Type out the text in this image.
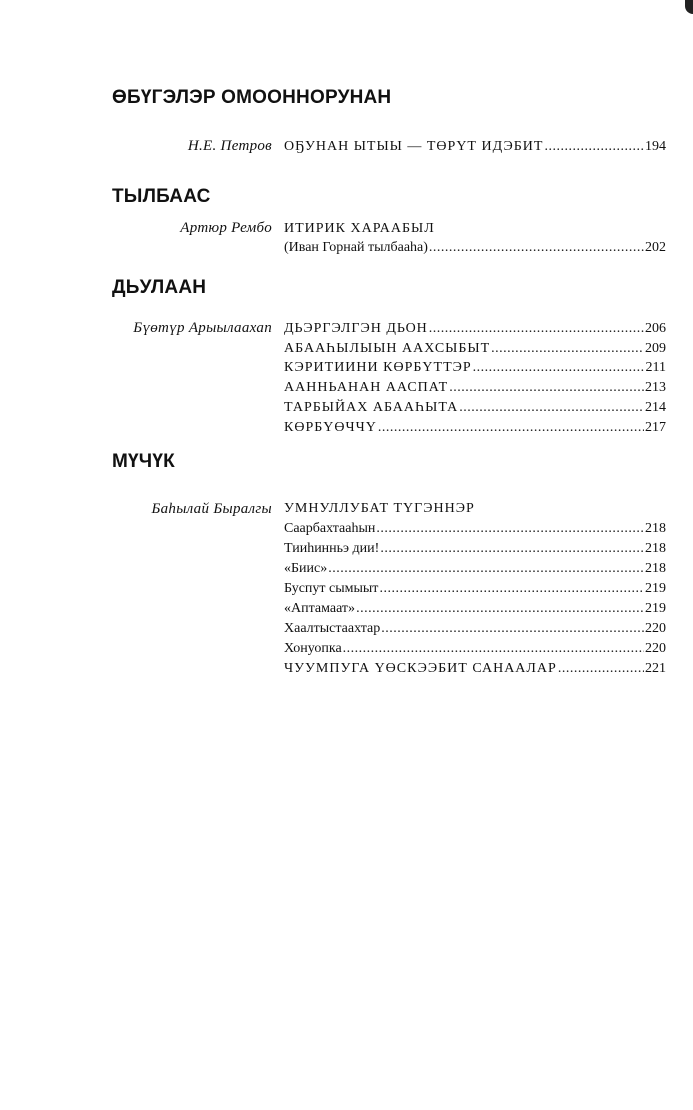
ӨБҮГЭЛЭР ОМООННОРУНАН
Н.Е. Петров ОҔУНАН ЫТЫЫ — ТӨРҮТ ИДЭБИТ .....	194
ТЫЛБААС
Артюр Рембо ИТИРИК ХАРААБЫЛ
(Иван Горнай тылбааһа) .....	202
ДЬУЛААН
Бүөтүр Арыылаахап ДЬЭРГЭЛГЭН ДЬОН .....	206
АБААҺЫЛЫЫН ААХСЫБЫТ .....	209
КЭРИТИИНИ КӨРБҮТТЭР .....	211
ААННЬАНАН ААСПАТ .....	213
ТАРБЫЙАХ АБААҺЫТА .....	214
КӨРБҮӨЧЧҮ .....	217
МҮЧҮК
Баһылай Быралгы УМНУЛЛУБАТ ТҮГЭННЭР
Саарбахтааһын .....	218
Тииһинньэ дии! .....	218
«Биис» .....	218
Буспут сымыыт .....	219
«Аптамаат» .....	219
Хаалтыстаахтар .....	220
Хонуопка .....	220
ЧУУМПУГА ҮӨСКЭЭБИТ САНААЛАР .....	221
